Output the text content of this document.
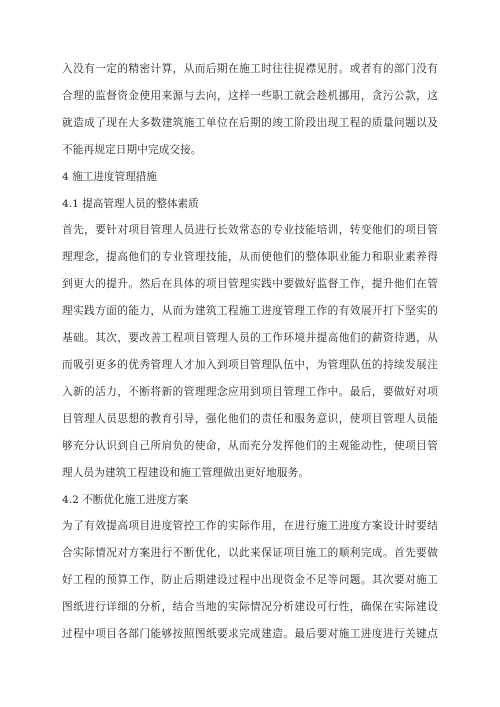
入没有一定的精密计算，从而后期在施工时往往捉襟见肘。或者有的部门没有
合理的监督资金使用来源与去向，这样一些职工就会趁机挪用，贪污公款，这
就造成了现在大多数建筑施工单位在后期的竣工阶段出现工程的质量问题以及
不能再规定日期中完成交接。
4 施工进度管理措施
4.1 提高管理人员的整体素质
首先，要针对项目管理人员进行长效常态的专业技能培训，转变他们的项目管
理理念，提高他们的专业管理技能，从而使他们的整体职业能力和职业素养得
到更大的提升。然后在具体的项目管理实践中要做好监督工作，提升他们在管
理实践方面的能力，从而为建筑工程施工进度管理工作的有效展开打下坚实的
基础。其次，要改善工程项目管理人员的工作环境并提高他们的薪资待遇，从
而吸引更多的优秀管理人才加入到项目管理队伍中，为管理队伍的持续发展注
入新的活力，不断将新的管理理念应用到项目管理工作中。最后，要做好对项
目管理人员思想的教育引导，强化他们的责任和服务意识，使项目管理人员能
够充分认识到自己所肩负的使命，从而充分发挥他们的主观能动性，使项目管
理人员为建筑工程建设和施工管理做出更好地服务。
4.2 不断优化施工进度方案
为了有效提高项目进度管控工作的实际作用，在进行施工进度方案设计时要结
合实际情况对方案进行不断优化，以此来保证项目施工的顺利完成。首先要做
好工程的预算工作，防止后期建设过程中出现资金不足等问题。其次要对施工
图纸进行详细的分析，结合当地的实际情况分析建设可行性，确保在实际建设
过程中项目各部门能够按照图纸要求完成建造。最后要对施工进度进行关键点
